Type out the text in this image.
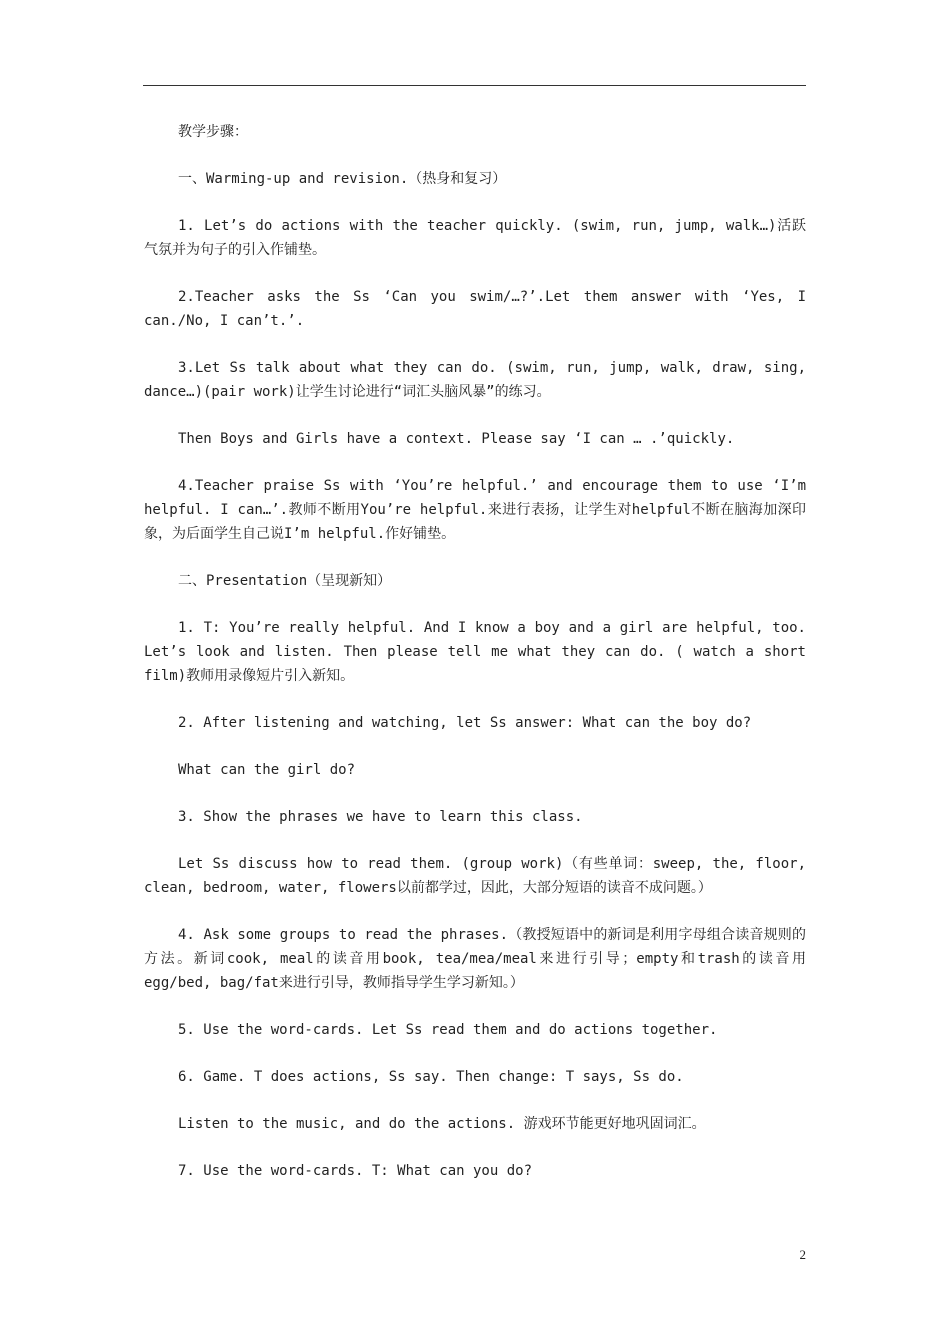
教学步骤：

一、Warming-up and revision.（热身和复习）

1. Let’s do actions with the teacher quickly. (swim, run, jump, walk…)活跃气氛并为句子的引入作铺垫。

2.Teacher asks the Ss ‘Can you swim/…?’.Let them answer with ‘Yes, I can./No, I can’t.’.

3.Let Ss talk about what they can do. (swim, run, jump, walk, draw, sing, dance…)(pair work)让学生讨论进行“词汇头脑风暴”的练习。

Then Boys and Girls have a context. Please say ‘I can … .’quickly.

4.Teacher praise Ss with ‘You’re helpful.’ and encourage them to use ‘I’m helpful. I can…’.教师不断用You’re helpful.来进行表扬，让学生对helpful不断在脑海加深印象，为后面学生自己说I’m helpful.作好铺垫。

二、Presentation（呈现新知）

1. T: You’re really helpful. And I know a boy and a girl are helpful, too. Let’s look and listen. Then please tell me what they can do. ( watch a short film)教师用录像短片引入新知。

2. After listening and watching, let Ss answer: What can the boy do?

What can the girl do?

3. Show the phrases we have to learn this class.

Let Ss discuss how to read them. (group work)（有些单词：sweep, the, floor, clean, bedroom, water, flowers以前都学过，因此，大部分短语的读音不成问题。）

4. Ask some groups to read the phrases.（教授短语中的新词是利用字母组合读音规则的方法。新词cook, meal的读音用book, tea/mea/meal来进行引导；empty和trash的读音用egg/bed, bag/fat来进行引导，教师指导学生学习新知。）

5. Use the word-cards. Let Ss read them and do actions together.

6. Game. T does actions, Ss say. Then change: T says, Ss do.

Listen to the music, and do the actions. 游戏环节能更好地巩固词汇。

7. Use the word-cards. T: What can you do?

2
